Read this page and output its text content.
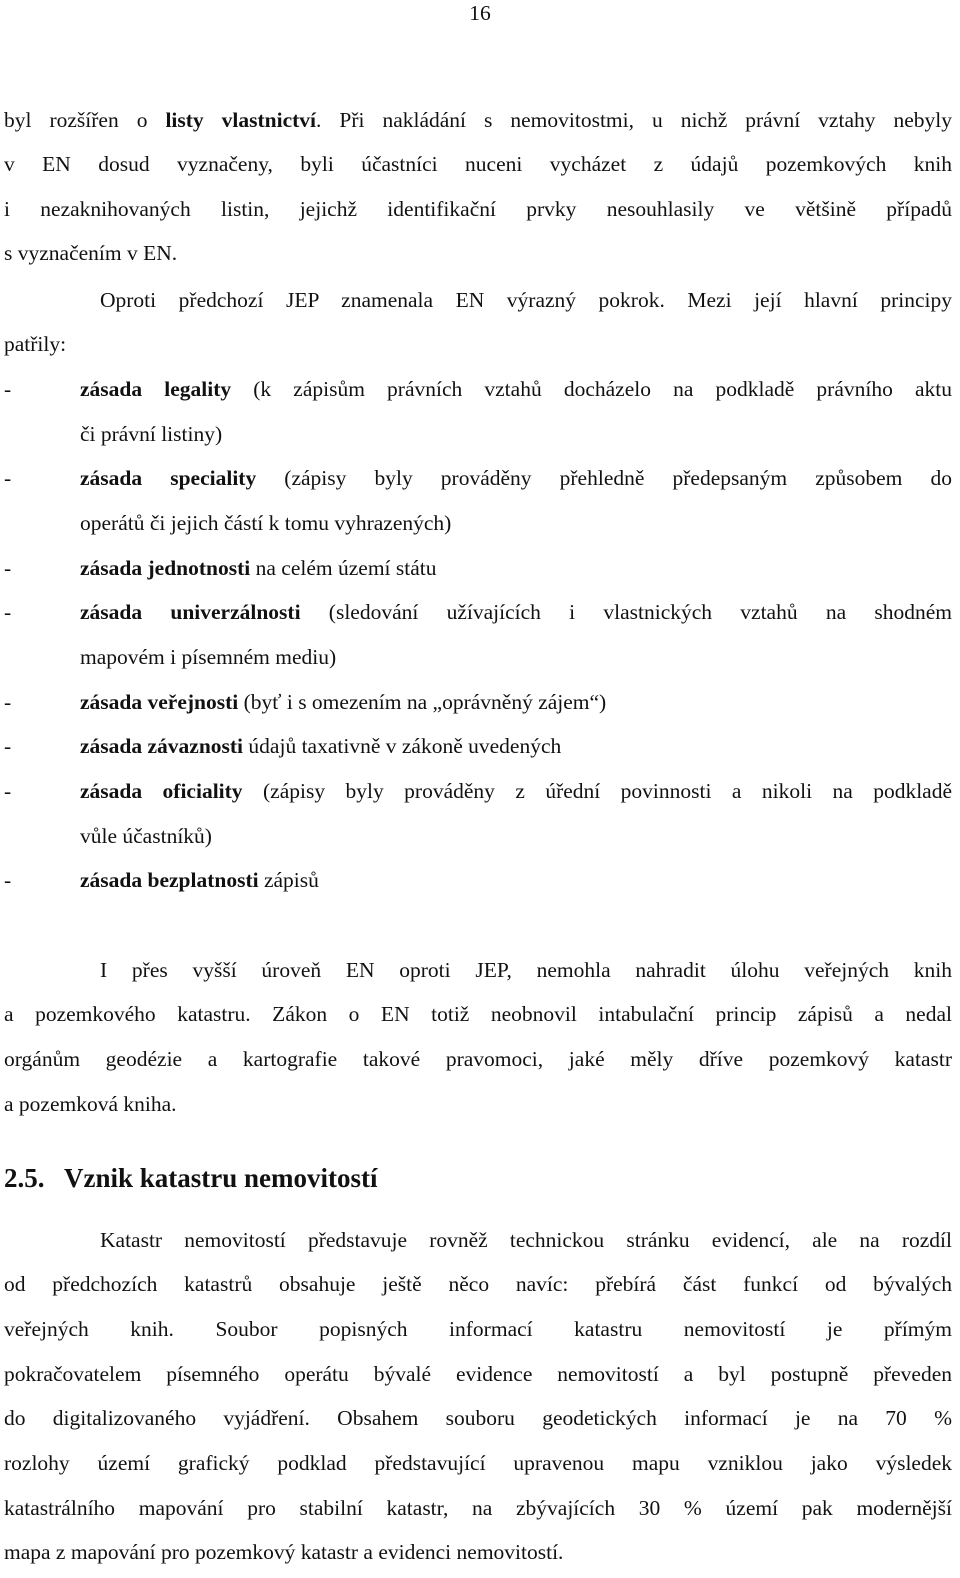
16
byl rozšířen o listy vlastnictví. Při nakládání s nemovitostmi, u nichž právní vztahy nebyly
v EN dosud vyznačeny, byli účastníci nuceni vycházet z údajů pozemkových knih
i nezaknihovaných listin, jejichž identifikační prvky nesouhlasily ve většině případů
s vyznačením v EN.
Oproti předchozí JEP znamenala EN výrazný pokrok. Mezi její hlavní principy
patřily:
-	zásada legality (k zápisům právních vztahů docházelo na podkladě právního aktu
či právní listiny)
-	zásada speciality (zápisy byly prováděny přehledně předepsaným způsobem do
operátů či jejich částí k tomu vyhrazených)
-	zásada jednotnosti na celém území státu
-	zásada univerzálnosti (sledování užívajících i vlastnických vztahů na shodném
mapovém i písemném mediu)
-	zásada veřejnosti (byť i s omezením na „oprávněný zájem“)
-	zásada závaznosti údajů taxativně v zákoně uvedených
-	zásada oficiality (zápisy byly prováděny z úřední povinnosti a nikoli na podkladě
vůle účastníků)
-	zásada bezplatnosti zápisů
I přes vyšší úroveň EN oproti JEP, nemohla nahradit úlohu veřejných knih
a pozemkového katastru. Zákon o EN totiž neobnovil intabulační princip zápisů a nedal
orgánům geodézie a kartografie takové pravomoci, jaké měly dříve pozemkový katastr
a pozemková kniha.
2.5. Vznik katastru nemovitostí
Katastr nemovitostí představuje rovněž technickou stránku evidencí, ale na rozdíl
od předchozích katastrů obsahuje ještě něco navíc: přebírá část funkcí od bývalých
veřejných knih. Soubor popisných informací katastru nemovitostí je přímým
pokračovatelem písemného operátu bývalé evidence nemovitostí a byl postupně převeden
do digitalizovaného vyjádření. Obsahem souboru geodetických informací je na 70 %
rozlohy území grafický podklad představující upravenou mapu vzniklou jako výsledek
katastrálního mapování pro stabilní katastr, na zbývajících 30 % území pak modernější
mapa z mapování pro pozemkový katastr a evidenci nemovitostí.
